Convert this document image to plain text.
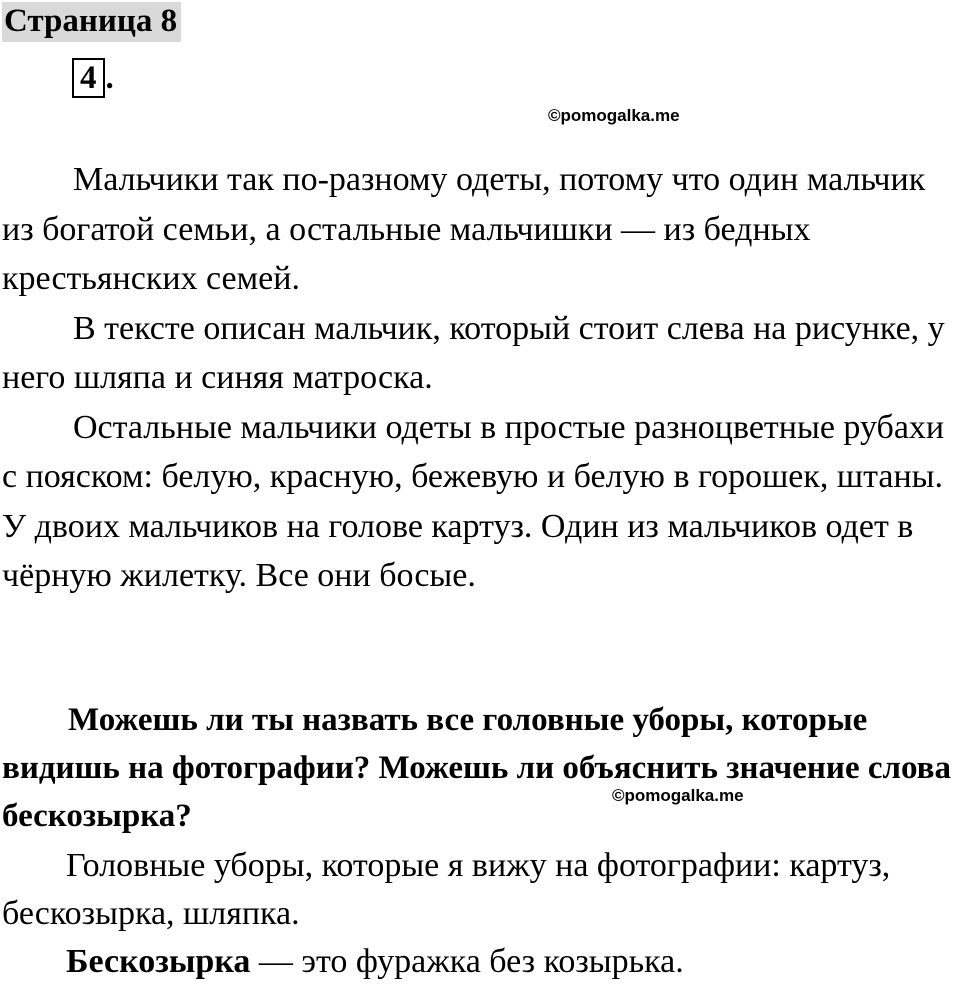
Страница 8
4 .
©pomogalka.me

Мальчики так по-разному одеты, потому что один мальчик из богатой семьи, а остальные мальчишки — из бедных крестьянских семей.

В тексте описан мальчик, который стоит слева на рисунке, у него шляпа и синяя матроска.

Остальные мальчики одеты в простые разноцветные рубахи с пояском: белую, красную, бежевую и белую в горошек, штаны. У двоих мальчиков на голове картуз. Один из мальчиков одет в чёрную жилетку. Все они босые.

Можешь ли ты назвать все головные уборы, которые видишь на фотографии? Можешь ли объяснить значение слова бескозырка?

©pomogalka.me

Головные уборы, которые я вижу на фотографии: картуз, бескозырка, шляпка.

Бескозырка — это фуражка без козырька.
